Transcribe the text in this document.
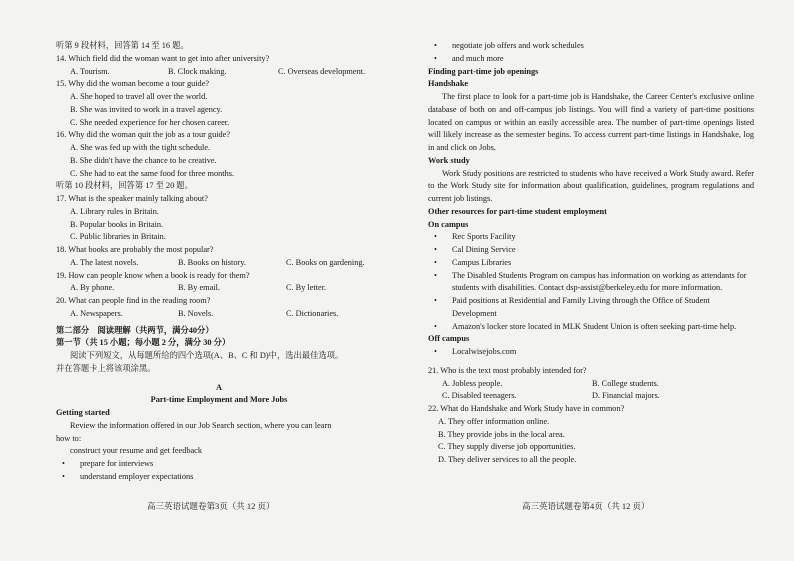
听第 9 段材料，回答第 14 至 16 题。
14. Which field did the woman want to get into after university?
A. Tourism.	B. Clock making.	C. Overseas development.
15. Why did the woman become a tour guide?
A. She hoped to travel all over the world.
B. She was invited to work in a travel agency.
C. She needed experience for her chosen career.
16. Why did the woman quit the job as a tour guide?
A. She was fed up with the tight schedule.
B. She didn't have the chance to be creative.
C. She had to eat the same food for three months.
听第 10 段材料，回答第 17 至 20 题。
17. What is the speaker mainly talking about?
A. Library rules in Britain.
B. Popular books in Britain.
C. Public libraries in Britain.
18. What books are probably the most popular?
A. The latest novels.	B. Books on history.	C. Books on gardening.
19. How can people know when a book is ready for them?
A. By phone.	B. By email.	C. By letter.
20. What can people find in the reading room?
A. Newspapers.	B. Novels.	C. Dictionaries.
第二部分　阅读理解（共两节，满分40分）
第一节（共 15 小题；每小题 2 分，满分 30 分）
阅读下列短文，从每题所给的四个选项(A、B、C 和 D)中，选出最佳选项。
并在答题卡上将该项涂黑。
A
Part-time Employment and More Jobs
Getting started
Review the information offered in our Job Search section, where you can learn
how to:
construct your resume and get feedback
•	prepare for interviews
•	understand employer expectations
高三英语试题卷第3页（共 12 页）
•	negotiate job offers and work schedules
•	and much more
Finding part-time job openings
Handshake
The first place to look for a part-time job is Handshake, the Career Center's exclusive online database of both on and off-campus job listings. You will find a variety of part-time positions located on campus or within an easily accessible area. The number of part-time openings listed will likely increase as the semester begins. To access current part-time listings in Handshake, log in and click on Jobs.
Work study
Work Study positions are restricted to students who have received a Work Study award. Refer to the Work Study site for information about qualification, guidelines, program regulations and current job listings.
Other resources for part-time student employment
On campus
•	Rec Sports Facility
•	Cal Dining Service
•	Campus Libraries
•	The Disabled Students Program on campus has information on working as attendants for students with disabilities. Contact dsp-assist@berkeley.edu for more information.
•	Paid positions at Residential and Family Living through the Office of Student Development
•	Amazon's locker store located in MLK Student Union is often seeking part-time help.
Off campus
•	Localwisejobs.com
21. Who is the text most probably intended for?
A. Jobless people.	B. College students.
C. Disabled teenagers.	D. Financial majors.
22. What do Handshake and Work Study have in common?
A. They offer information online.
B. They provide jobs in the local area.
C. They supply diverse job opportunities.
D. They deliver services to all the people.
高三英语试题卷第4页（共 12 页）
